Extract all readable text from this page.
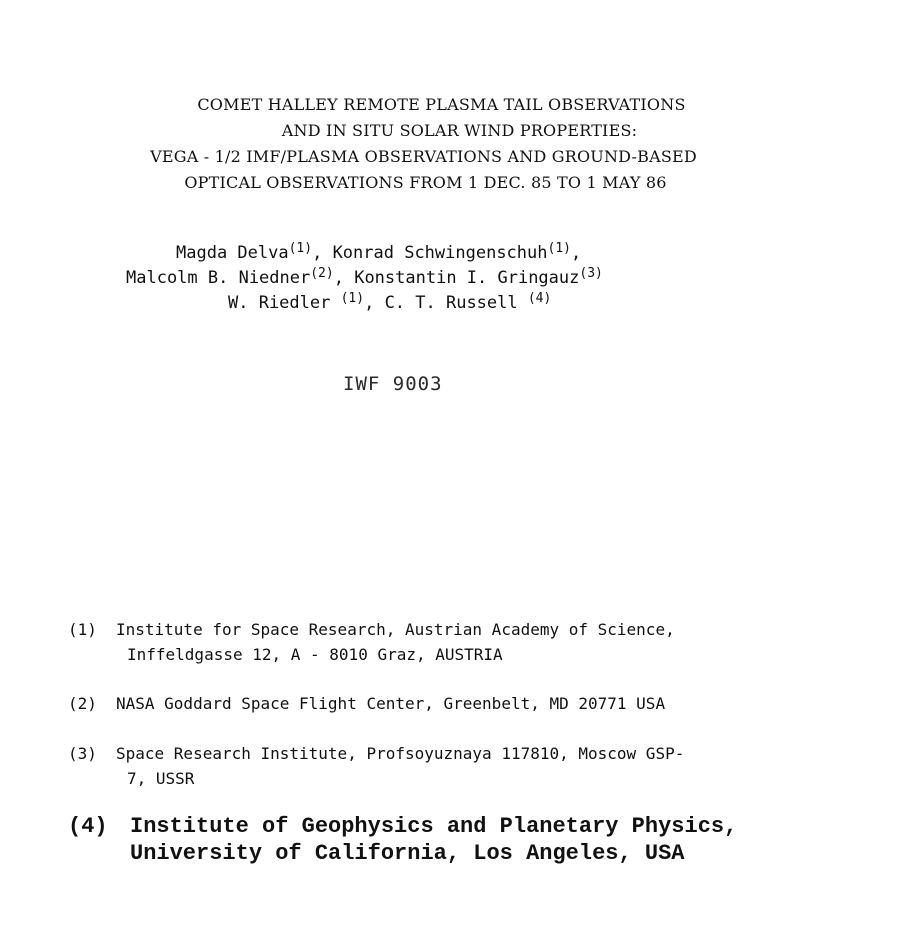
COMET HALLEY REMOTE PLASMA TAIL OBSERVATIONS
AND IN SITU SOLAR WIND PROPERTIES:
VEGA - 1/2 IMF/PLASMA OBSERVATIONS AND GROUND-BASED
OPTICAL OBSERVATIONS FROM 1 DEC. 85 TO 1 MAY 86
Magda Delva$^{(1)}$, Konrad Schwingenschuh$^{(1)}$,
Malcolm B. Niedner$^{(2)}$, Konstantin I. Gringauz$^{(3)}$
W. Riedler $^{(1)}$, C. T. Russell $^{(4)}$
IWF 9003
(1) Institute for Space Research, Austrian Academy of Science,
Inffeldgasse 12, A - 8010 Graz, AUSTRIA
(2) NASA Goddard Space Flight Center, Greenbelt, MD 20771 USA
(3) Space Research Institute, Profsoyuznaya 117810, Moscow GSP-
7, USSR
(4) Institute of Geophysics and Planetary Physics,
University of California, Los Angeles, USA
